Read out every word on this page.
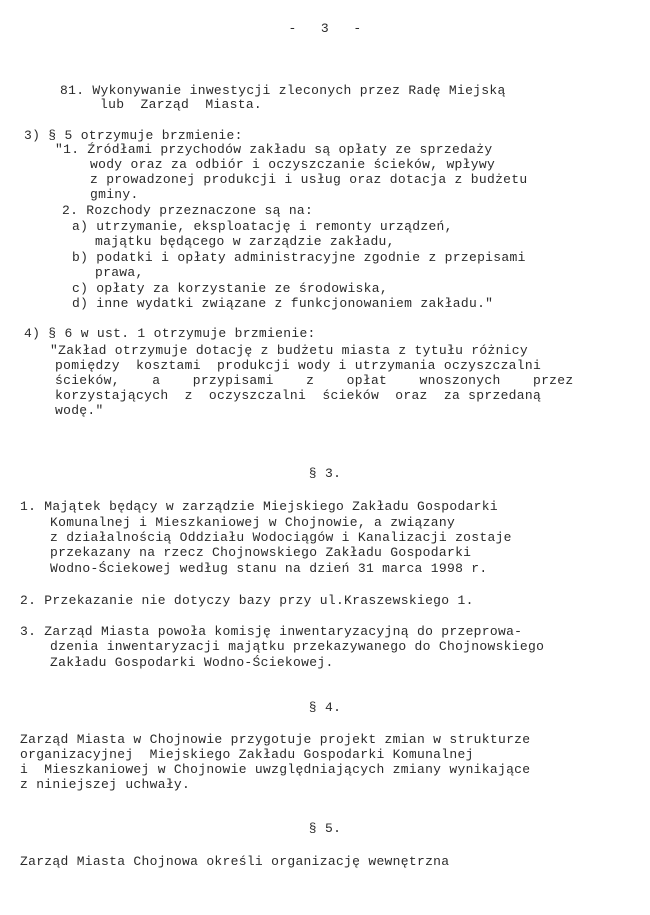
-   3   -
81. Wykonywanie inwestycji zleconych przez Radę Miejską
lub  Zarząd  Miasta.
3) § 5 otrzymuje brzmienie:
"1. Źródłami przychodów zakładu są opłaty ze sprzedaży
wody oraz za odbiór i oczyszczanie ścieków, wpływy
z prowadzonej produkcji i usług oraz dotacja z budżetu
gminy.
2. Rozchody przeznaczone są na:
a) utrzymanie, eksploatację i remonty urządzeń,
majątku będącego w zarządzie zakładu,
b) podatki i opłaty administracyjne zgodnie z przepisami
prawa,
c) opłaty za korzystanie ze środowiska,
d) inne wydatki związane z funkcjonowaniem zakładu."
4) § 6 w ust. 1 otrzymuje brzmienie:
"Zakład otrzymuje dotację z budżetu miasta z tytułu różnicy
pomiędzy  kosztami  produkcji wody i utrzymania oczyszczalni
ścieków,    a    przypisami    z    opłat    wnoszonych    przez
korzystających  z  oczyszczalni  ścieków  oraz  za sprzedaną
wodę."
§ 3.
1. Majątek będący w zarządzie Miejskiego Zakładu Gospodarki
Komunalnej i Mieszkaniowej w Chojnowie, a związany
z działalnością Oddziału Wodociągów i Kanalizacji zostaje
przekazany na rzecz Chojnowskiego Zakładu Gospodarki
Wodno-Ściekowej według stanu na dzień 31 marca 1998 r.
2. Przekazanie nie dotyczy bazy przy ul.Kraszewskiego 1.
3. Zarząd Miasta powoła komisję inwentaryzacyjną do przeprowa-
dzenia inwentaryzacji majątku przekazywanego do Chojnowskiego
Zakładu Gospodarki Wodno-Ściekowej.
§ 4.
Zarząd Miasta w Chojnowie przygotuje projekt zmian w strukturze
organizacyjnej  Miejskiego Zakładu Gospodarki Komunalnej
i  Mieszkaniowej w Chojnowie uwzględniających zmiany wynikające
z niniejszej uchwały.
§ 5.
Zarząd Miasta Chojnowa określi organizację wewnętrzna
